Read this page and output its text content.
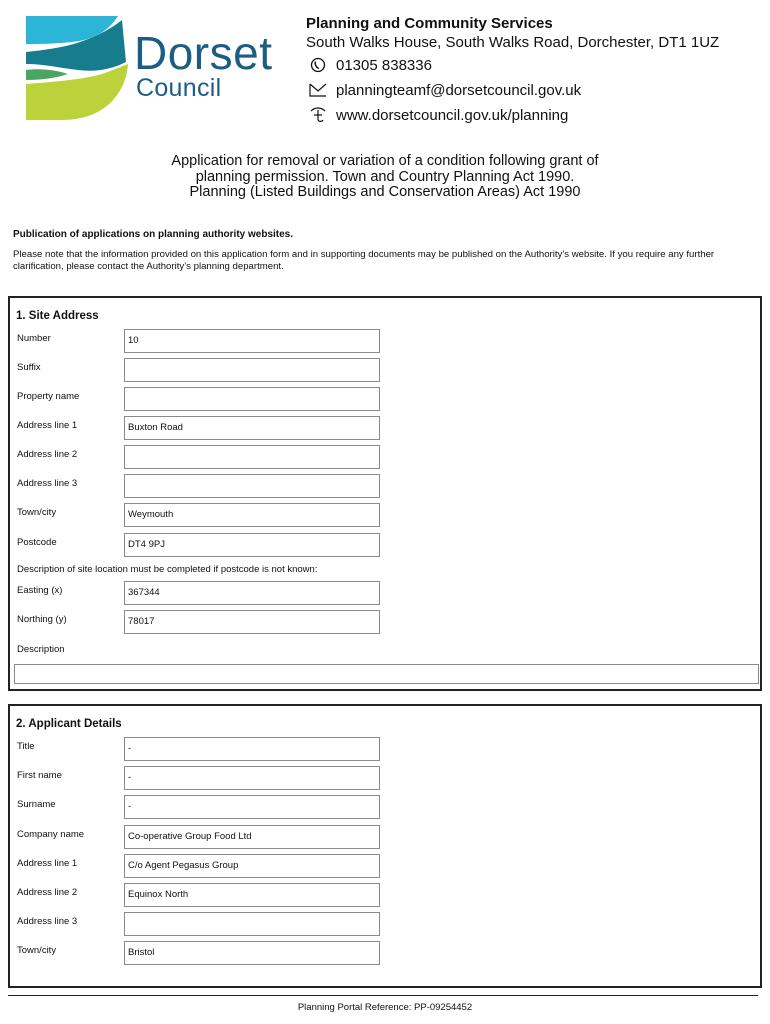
Dorset
Council
Planning and Community Services
South Walks House, South Walks Road, Dorchester, DT1 1UZ
01305 838336
planningteamf@dorsetcouncil.gov.uk
www.dorsetcouncil.gov.uk/planning
Application for removal or variation of a condition following grant of
planning permission. Town and Country Planning Act 1990.
Planning (Listed Buildings and Conservation Areas) Act 1990
Publication of applications on planning authority websites.
Please note that the information provided on this application form and in supporting documents may be published on the Authority’s website. If you require any further clarification, please contact the Authority’s planning department.
1. Site Address
Number	10
Suffix
Property name
Address line 1	Buxton Road
Address line 2
Address line 3
Town/city	Weymouth
Postcode	DT4 9PJ
Description of site location must be completed if postcode is not known:
Easting (x)	367344
Northing (y)	78017
Description
2. Applicant Details
Title	-
First name	-
Surname	-
Company name	Co-operative Group Food Ltd
Address line 1	C/o Agent Pegasus Group
Address line 2	Equinox North
Address line 3
Town/city	Bristol
Planning Portal Reference: PP-09254452
